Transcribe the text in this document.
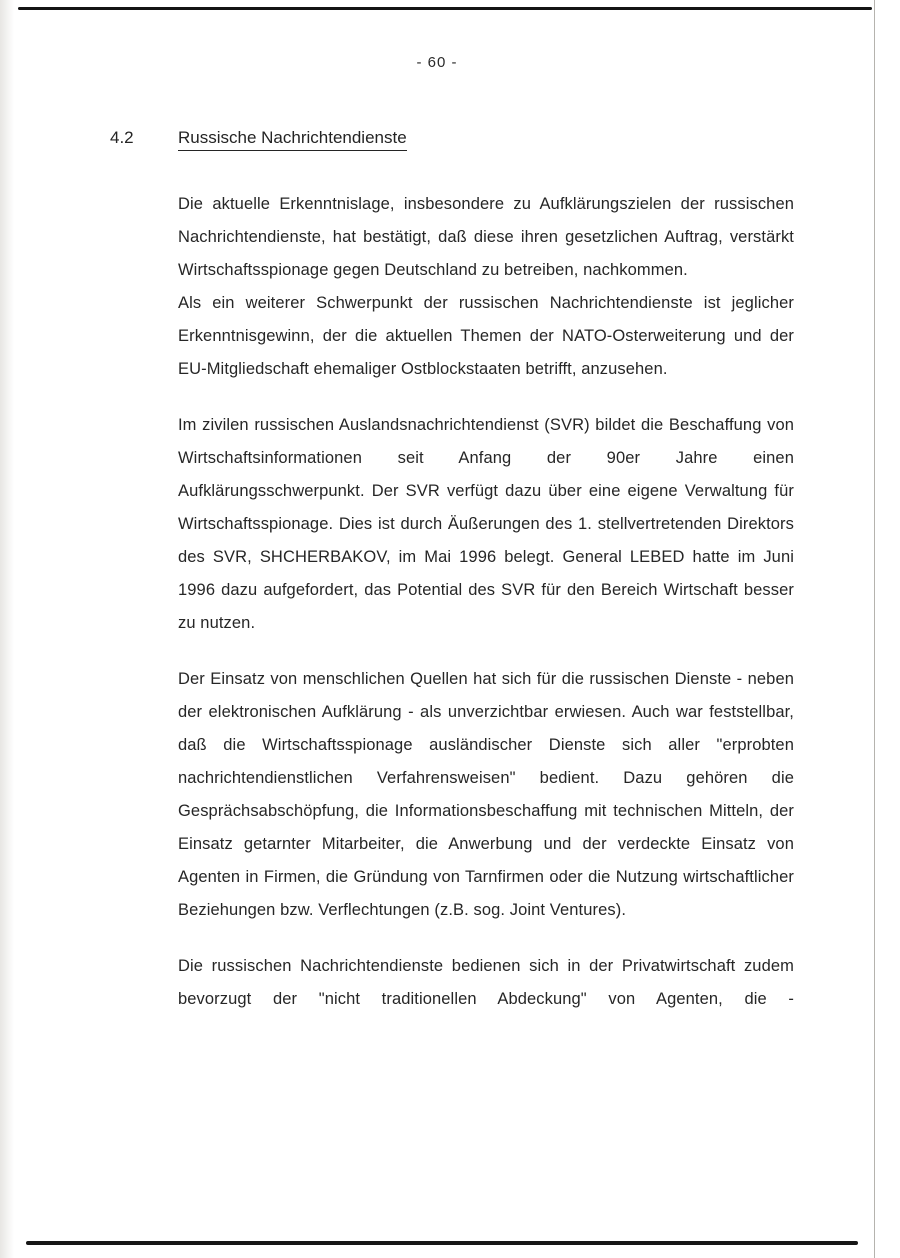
- 60 -
4.2	Russische Nachrichtendienste

Die aktuelle Erkenntnislage, insbesondere zu Aufklärungszielen der russischen Nachrichtendienste, hat bestätigt, daß diese ihren gesetzlichen Auftrag, verstärkt Wirtschaftsspionage gegen Deutschland zu betreiben, nachkommen.

Als ein weiterer Schwerpunkt der russischen Nachrichtendienste ist jeglicher Erkenntnisgewinn, der die aktuellen Themen der NATO-Osterweiterung und der EU-Mitgliedschaft ehemaliger Ostblockstaaten betrifft, anzusehen.

Im zivilen russischen Auslandsnachrichtendienst (SVR) bildet die Beschaffung von Wirtschaftsinformationen seit Anfang der 90er Jahre einen Aufklärungsschwerpunkt. Der SVR verfügt dazu über eine eigene Verwaltung für Wirtschaftsspionage. Dies ist durch Äußerungen des 1. stellvertretenden Direktors des SVR, SHCHERBAKOV, im Mai 1996 belegt. General LEBED hatte im Juni 1996 dazu aufgefordert, das Potential des SVR für den Bereich Wirtschaft besser zu nutzen.

Der Einsatz von menschlichen Quellen hat sich für die russischen Dienste - neben der elektronischen Aufklärung - als unverzichtbar erwiesen. Auch war feststellbar, daß die Wirtschaftsspionage ausländischer Dienste sich aller "erprobten nachrichtendienstlichen Verfahrensweisen" bedient. Dazu gehören die Gesprächsabschöpfung, die Informationsbeschaffung mit technischen Mitteln, der Einsatz getarnter Mitarbeiter, die Anwerbung und der verdeckte Einsatz von Agenten in Firmen, die Gründung von Tarnfirmen oder die Nutzung wirtschaftlicher Beziehungen bzw. Verflechtungen (z.B. sog. Joint Ventures).

Die russischen Nachrichtendienste bedienen sich in der Privatwirtschaft zudem bevorzugt der "nicht traditionellen Abdeckung" von Agenten, die -
